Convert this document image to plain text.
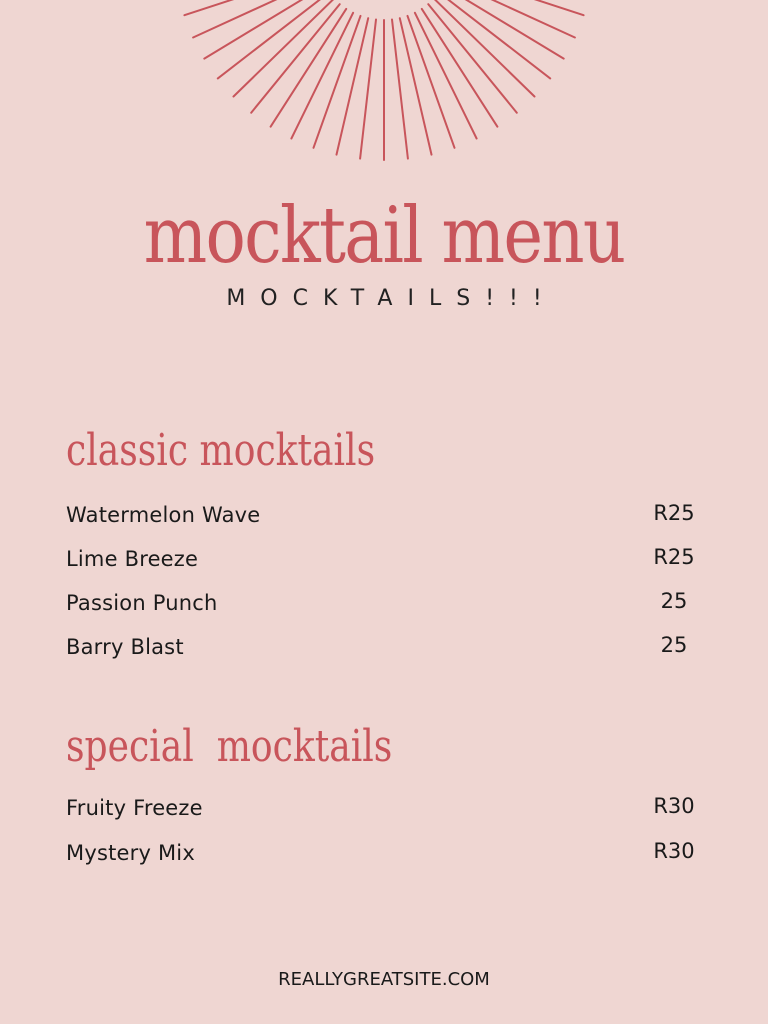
mocktail menu
MOCKTAILS!!!
classic mocktails
Watermelon Wave	R25
Lime Breeze	R25
Passion Punch	25
Barry Blast	25
special  mocktails
Fruity Freeze	R30
Mystery Mix	R30
REALLYGREATSITE.COM
